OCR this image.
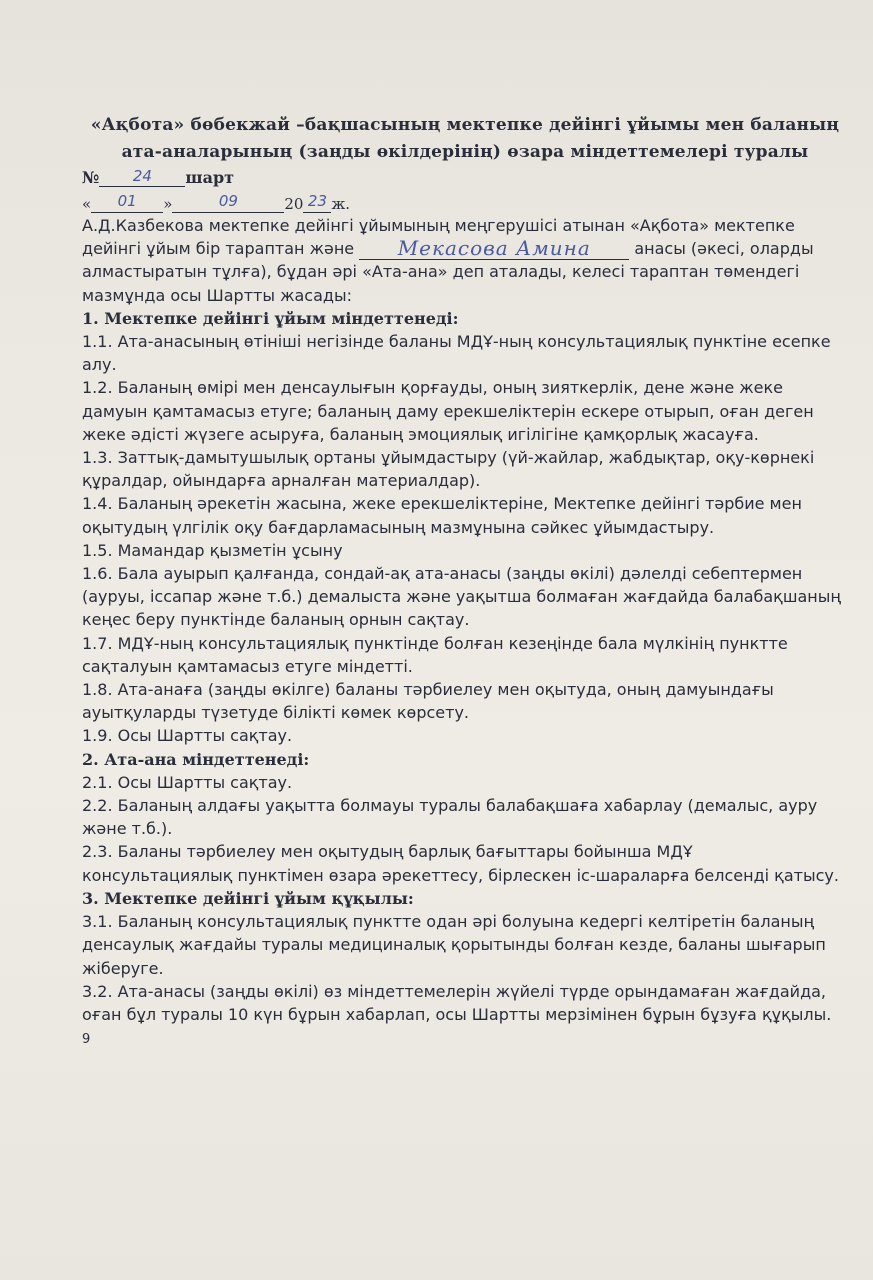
«Ақбота» бөбекжай –бақшасының мектепке дейінгі ұйымы мен баланың
ата-аналарының (заңды өкілдерінің) өзара міндеттемелері туралы
№ 24 шарт
« 01 »	09	20 23 ж.

А.Д.Казбекова мектепке дейінгі ұйымының меңгерушісі атынан «Ақбота» мектепке дейінгі ұйым бір тараптан және Мекасова Амина анасы (әкесі, оларды алмастыратын тұлға), бұдан әрі «Ата-ана» деп аталады, келесі тараптан төмендегі мазмұнда осы Шартты жасады:

1. Мектепке дейінгі ұйым міндеттенеді:

1.1. Ата-анасының өтініші негізінде баланы МДҰ-ның консультациялық пунктіне есепке алу.

1.2. Баланың өмірі мен денсаулығын қорғауды, оның зияткерлік, дене және жеке дамуын қамтамасыз етуге; баланың даму ерекшеліктерін ескере отырып, оған деген жеке әдісті жүзеге асыруға, баланың эмоциялық игілігіне қамқорлық жасауға.

1.3. Заттық-дамытушылық ортаны ұйымдастыру (үй-жайлар, жабдықтар, оқу-көрнекі құралдар, ойындарға арналған материалдар).

1.4. Баланың әрекетін жасына, жеке ерекшеліктеріне, Мектепке дейінгі тәрбие мен оқытудың үлгілік оқу бағдарламасының мазмұнына сәйкес ұйымдастыру.

1.5. Мамандар қызметін ұсыну

1.6. Бала ауырып қалғанда, сондай-ақ ата-анасы (заңды өкілі) дәлелді себептермен (ауруы, іссапар және т.б.) демалыста және уақытша болмаған жағдайда балабақшаның кеңес беру пунктінде баланың орнын сақтау.

1.7. МДҰ-ның консультациялық пунктінде болған кезеңінде бала мүлкінің пунктте сақталуын қамтамасыз етуге міндетті.

1.8. Ата-анаға (заңды өкілге) баланы тәрбиелеу мен оқытуда, оның дамуындағы ауытқуларды түзетуде білікті көмек көрсету.

1.9. Осы Шартты сақтау.

2. Ата-ана міндеттенеді:

2.1. Осы Шартты сақтау.

2.2. Баланың алдағы уақытта болмауы туралы балабақшаға хабарлау (демалыс, ауру және т.б.).

2.3. Баланы тәрбиелеу мен оқытудың барлық бағыттары бойынша МДҰ консультациялық пунктімен өзара әрекеттесу, бірлескен іс-шараларға белсенді қатысу.

3. Мектепке дейінгі ұйым құқылы:

3.1. Баланың консультациялық пунктте одан әрі болуына кедергі келтіретін баланың денсаулық жағдайы туралы медициналық қорытынды болған кезде, баланы шығарып жіберуге.

3.2. Ата-анасы (заңды өкілі) өз міндеттемелерін жүйелі түрде орындамаған жағдайда, оған бұл туралы 10 күн бұрын хабарлап, осы Шартты мерзімінен бұрын бұзуға құқылы. 9
